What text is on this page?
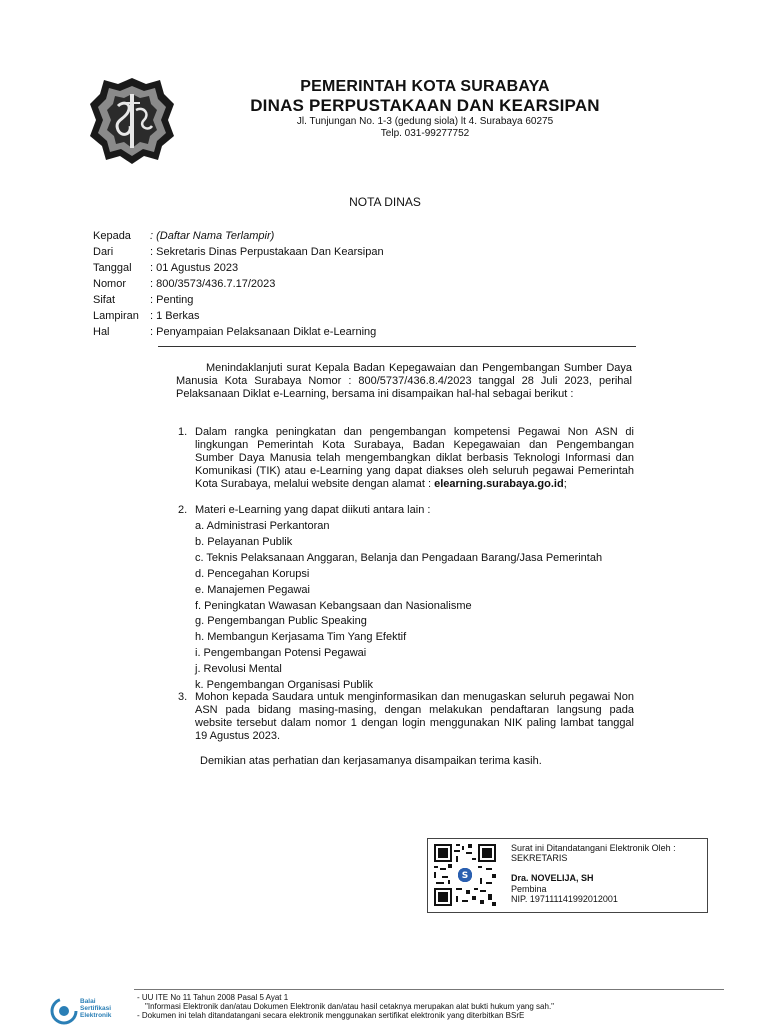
PEMERINTAH KOTA SURABAYA
DINAS PERPUSTAKAAN DAN KEARSIPAN
Jl. Tunjungan No. 1-3 (gedung siola) lt 4. Surabaya 60275
Telp. 031-99277752
NOTA DINAS
Kepada	: (Daftar Nama Terlampir)
Dari	: Sekretaris Dinas Perpustakaan Dan Kearsipan
Tanggal	: 01 Agustus 2023
Nomor	: 800/3573/436.7.17/2023
Sifat	: Penting
Lampiran	: 1 Berkas
Hal	: Penyampaian Pelaksanaan Diklat e-Learning
Menindaklanjuti surat Kepala Badan Kepegawaian dan Pengembangan Sumber Daya Manusia Kota Surabaya Nomor : 800/5737/436.8.4/2023 tanggal 28 Juli 2023, perihal Pelaksanaan Diklat e-Learning, bersama ini disampaikan hal-hal sebagai berikut :
1. Dalam rangka peningkatan dan pengembangan kompetensi Pegawai Non ASN di lingkungan Pemerintah Kota Surabaya, Badan Kepegawaian dan Pengembangan Sumber Daya Manusia telah mengembangkan diklat berbasis Teknologi Informasi dan Komunikasi (TIK) atau e-Learning yang dapat diakses oleh seluruh pegawai Pemerintah Kota Surabaya, melalui website dengan alamat : elearning.surabaya.go.id;
2. Materi e-Learning yang dapat diikuti antara lain :
a. Administrasi Perkantoran
b. Pelayanan Publik
c. Teknis Pelaksanaan Anggaran, Belanja dan Pengadaan Barang/Jasa Pemerintah
d. Pencegahan Korupsi
e. Manajemen Pegawai
f. Peningkatan Wawasan Kebangsaan dan Nasionalisme
g. Pengembangan Public Speaking
h. Membangun Kerjasama Tim Yang Efektif
i. Pengembangan Potensi Pegawai
j. Revolusi Mental
k. Pengembangan Organisasi Publik
3. Mohon kepada Saudara untuk menginformasikan dan menugaskan seluruh pegawai Non ASN pada bidang masing-masing, dengan melakukan pendaftaran langsung pada website tersebut dalam nomor 1 dengan login menggunakan NIK paling lambat tanggal 19 Agustus 2023.
Demikian atas perhatian dan kerjasamanya disampaikan terima kasih.
S
Surat ini Ditandatangani Elektronik Oleh :
SEKRETARIS
Dra. NOVELIJA, SH
Pembina
NIP. 197111141992012001
Balai
Sertifikasi
Elektronik
- UU ITE No 11 Tahun 2008 Pasal 5 Ayat 1
"Informasi Elektronik dan/atau Dokumen Elektronik dan/atau hasil cetaknya merupakan alat bukti hukum yang sah."
- Dokumen ini telah ditandatangani secara elektronik menggunakan sertifikat elektronik yang diterbitkan BSrE
